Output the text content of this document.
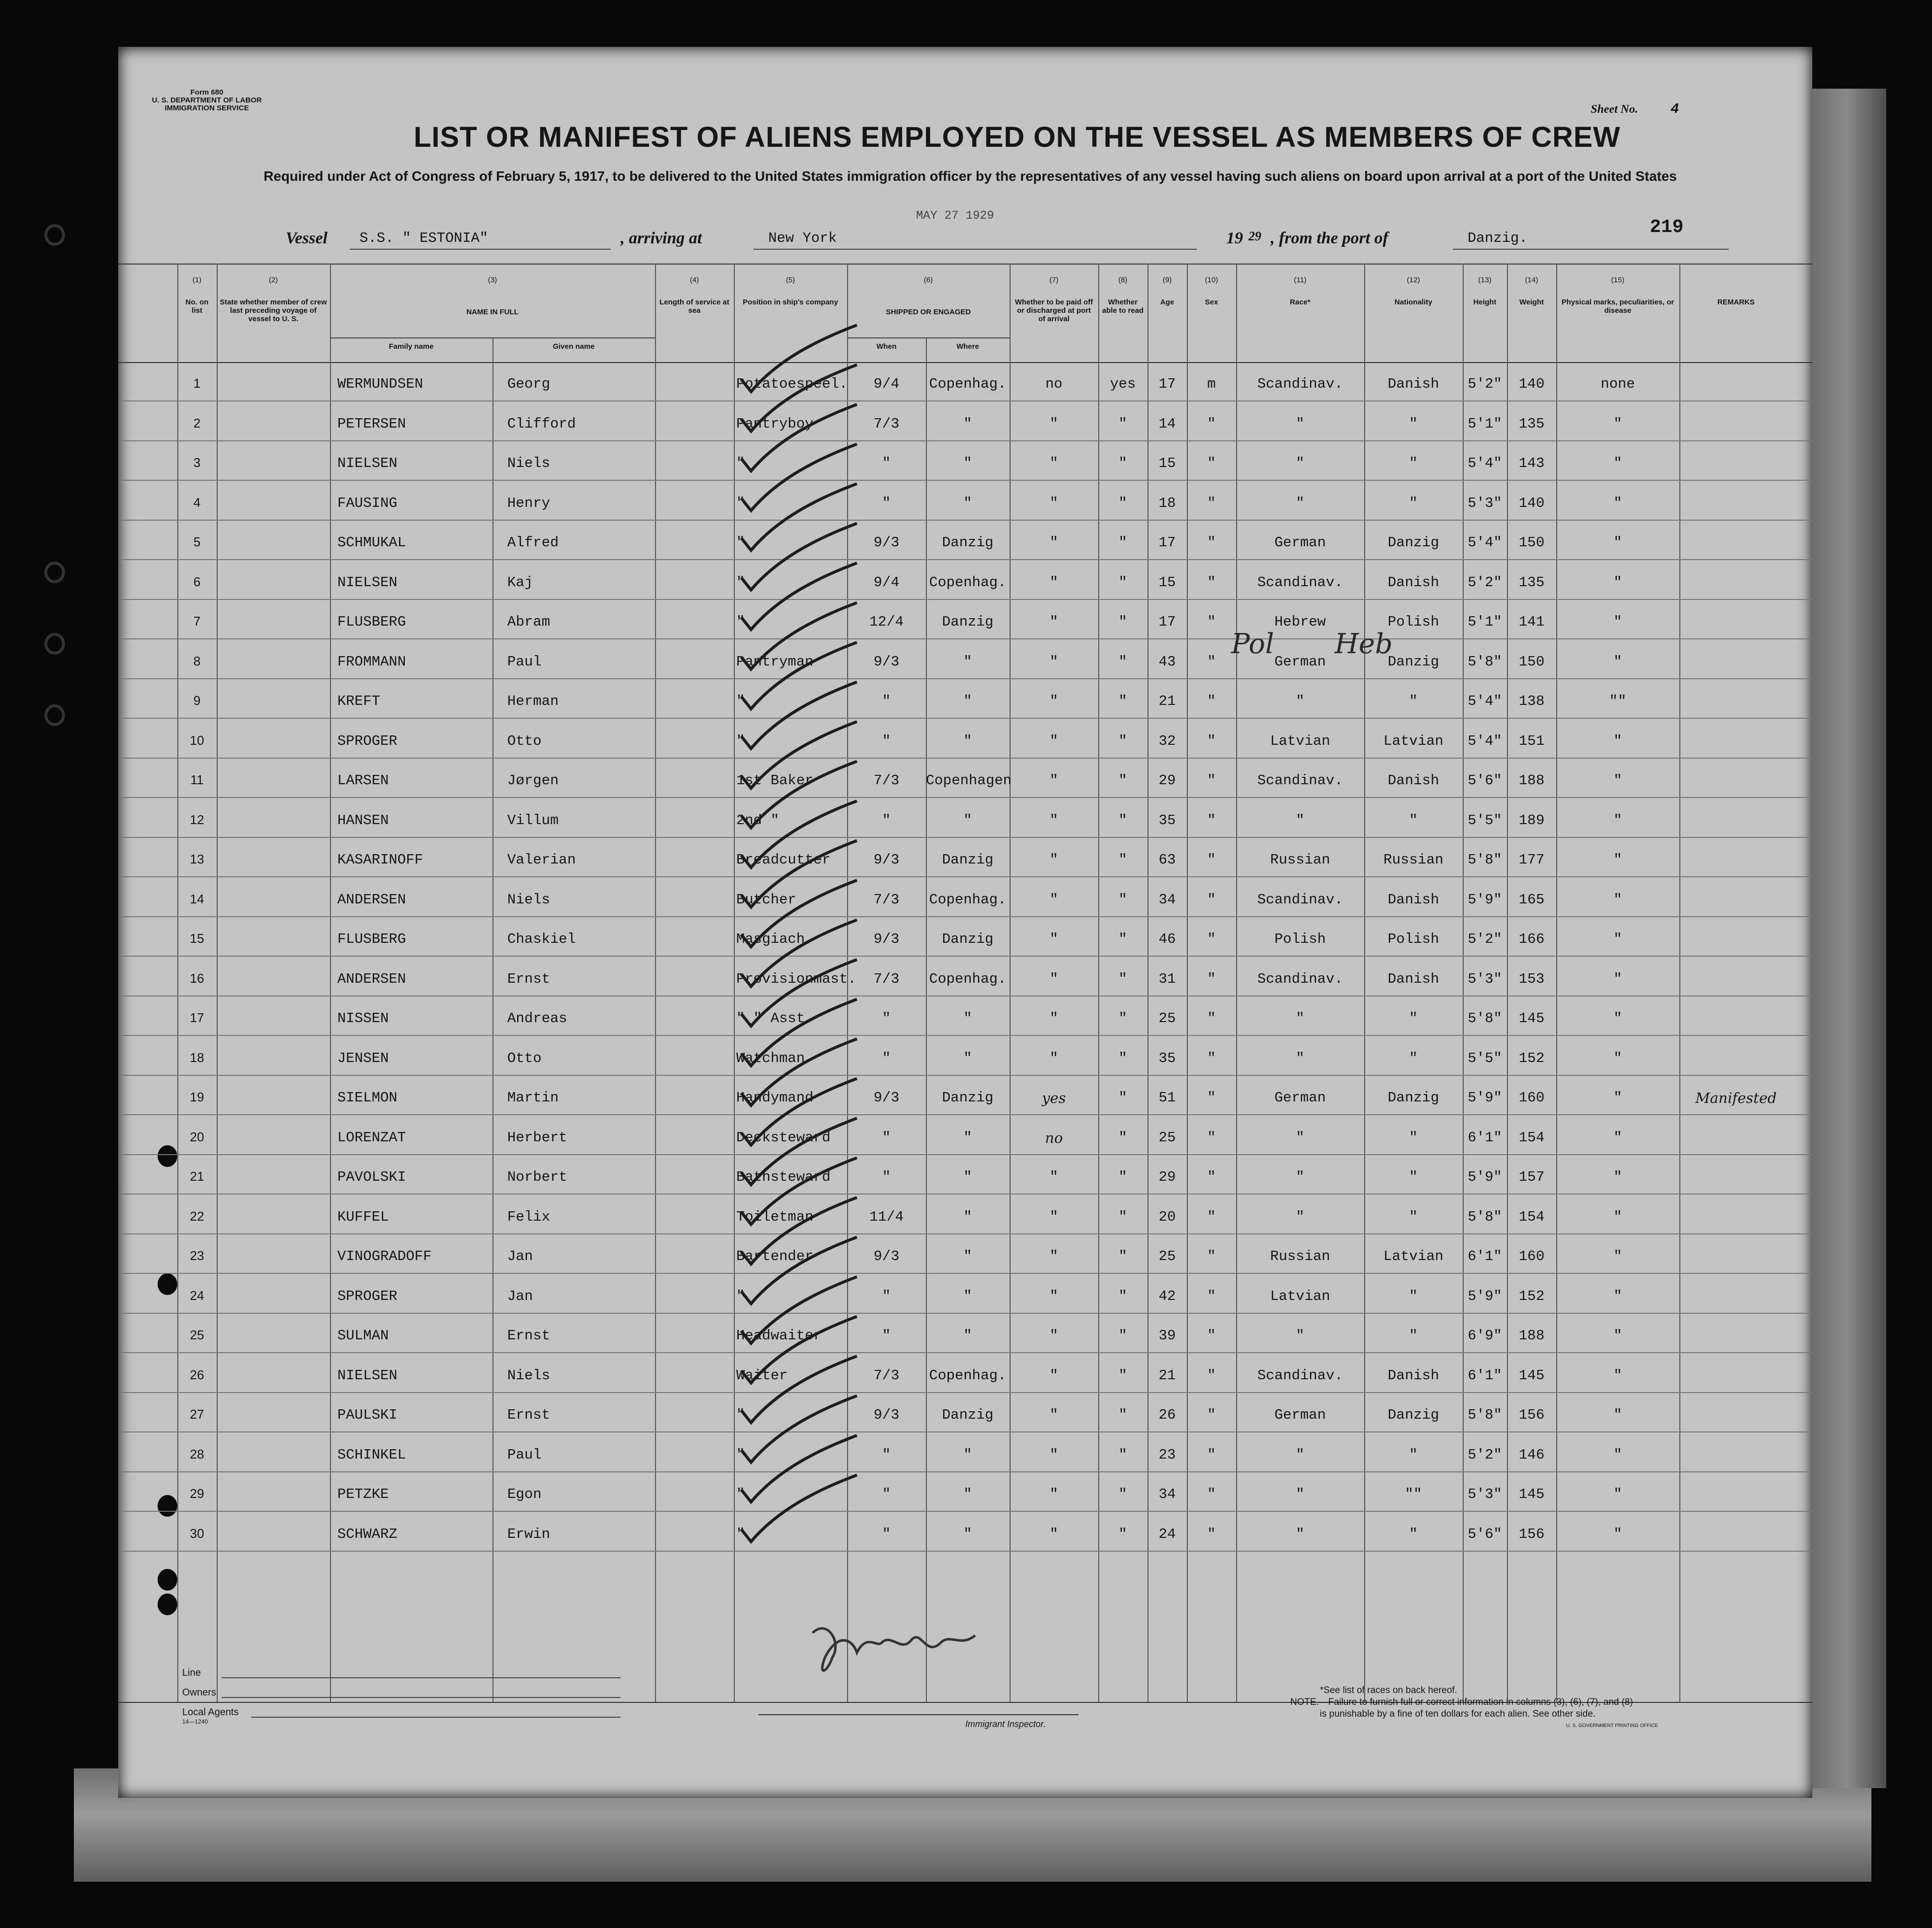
Form 680
U. S. DEPARTMENT OF LABOR
IMMIGRATION SERVICE	Sheet No. 4
LIST OR MANIFEST OF ALIENS EMPLOYED ON THE VESSEL AS MEMBERS OF CREW
Required under Act of Congress of February 5, 1917, to be delivered to the United States immigration officer by the representatives of any vessel having such aliens on board upon arrival at a port of the United States
MAY 27 1929
219
Vessel S.S. " ESTONIA"	, arriving at	New York	19 29 , from the port of	Danzig.
(1)
No. on list
(2)
State whether member of crew last preceding voyage of vessel to U. S.
(3)
NAME IN FULL
(4)
Length of service at sea
(5)
Position in ship's company
(6)
SHIPPED OR ENGAGED
(7)
Whether to be paid off or discharged at port of arrival
(8)
Whether able to read
(9)
Age
(10)
Sex
(11)
Race*
(12)
Nationality
(13)
Height
(14)
Weight
(15)
Physical marks, peculiarities, or disease
REMARKS
Family name	Given name	When	Where
1	WERMUNDSEN	Georg	Potatoespeel.	9/4	Copenhag.	no	yes	17	m	Scandinav.	Danish	5'2"	140	none
2	PETERSEN	Clifford	Pantryboy	7/3	"	"	"	14	"	"	"	5'1"	135	"
3	NIELSEN	Niels	"	"	"	"	"	15	"	"	"	5'4"	143	"
4	FAUSING	Henry	"	"	"	"	"	18	"	"	"	5'3"	140	"
5	SCHMUKAL	Alfred	"	9/3	Danzig	"	"	17	"	German	Danzig	5'4"	150	"
6	NIELSEN	Kaj	"	9/4	Copenhag.	"	"	15	"	Scandinav.	Danish	5'2"	135	"
7	FLUSBERG	Abram	"	12/4	Danzig	"	"	17	"	Hebrew	Polish	5'1"	141	"
8	FROMMANN	Paul	Pantryman	9/3	"	"	"	43	"	German	Danzig	5'8"	150	"
9	KREFT	Herman	"	"	"	"	"	21	"	"	"	5'4"	138	""
10	SPROGER	Otto	"	"	"	"	"	32	"	Latvian	Latvian	5'4"	151	"
11	LARSEN	Jørgen	1st Baker	7/3	Copenhagen	"	"	29	"	Scandinav.	Danish	5'6"	188	"
12	HANSEN	Villum	2nd "	"	"	"	"	35	"	"	"	5'5"	189	"
13	KASARINOFF	Valerian	Breadcutter	9/3	Danzig	"	"	63	"	Russian	Russian	5'8"	177	"
14	ANDERSEN	Niels	Butcher	7/3	Copenhag.	"	"	34	"	Scandinav.	Danish	5'9"	165	"
15	FLUSBERG	Chaskiel	Masgiach	9/3	Danzig	"	"	46	"	Polish	Polish	5'2"	166	"
16	ANDERSEN	Ernst	Provisionmast.	7/3	Copenhag.	"	"	31	"	Scandinav.	Danish	5'3"	153	"
17	NISSEN	Andreas	" " Asst.	"	"	"	"	25	"	"	"	5'8"	145	"
18	JENSEN	Otto	Watchman	"	"	"	"	35	"	"	"	5'5"	152	"
19	SIELMON	Martin	Handymand	9/3	Danzig	yes	"	51	"	German	Danzig	5'9"	160	"	Manifested
20	LORENZAT	Herbert	Decksteward	"	"	no	"	25	"	"	"	6'1"	154	"
21	PAVOLSKI	Norbert	Bathsteward	"	"	"	"	29	"	"	"	5'9"	157	"
22	KUFFEL	Felix	Toiletman	11/4	"	"	"	20	"	"	"	5'8"	154	"
23	VINOGRADOFF	Jan	Bartender	9/3	"	"	"	25	"	Russian	Latvian	6'1"	160	"
24	SPROGER	Jan	"	"	"	"	"	42	"	Latvian	"	5'9"	152	"
25	SULMAN	Ernst	Headwaiter	"	"	"	"	39	"	"	"	6'9"	188	"
26	NIELSEN	Niels	Waiter	7/3	Copenhag.	"	"	21	"	Scandinav.	Danish	6'1"	145	"
27	PAULSKI	Ernst	"	9/3	Danzig	"	"	26	"	German	Danzig	5'8"	156	"
28	SCHINKEL	Paul	"	"	"	"	"	23	"	"	"	5'2"	146	"
29	PETZKE	Egon	"	"	"	"	"	34	"	"	""	5'3"	145	"
30	SCHWARZ	Erwin	"	"	"	"	"	24	"	"	"	5'6"	156	"
Pol Heb
Line
Owners
Local Agents
14—1240	Immigrant Inspector.
*See list of races on back hereof.
NOTE.—Failure to furnish full or correct information in columns (3), (6), (7), and (8)
is punishable by a fine of ten dollars for each alien. See other side.
U. S. GOVERNMENT PRINTING OFFICE
